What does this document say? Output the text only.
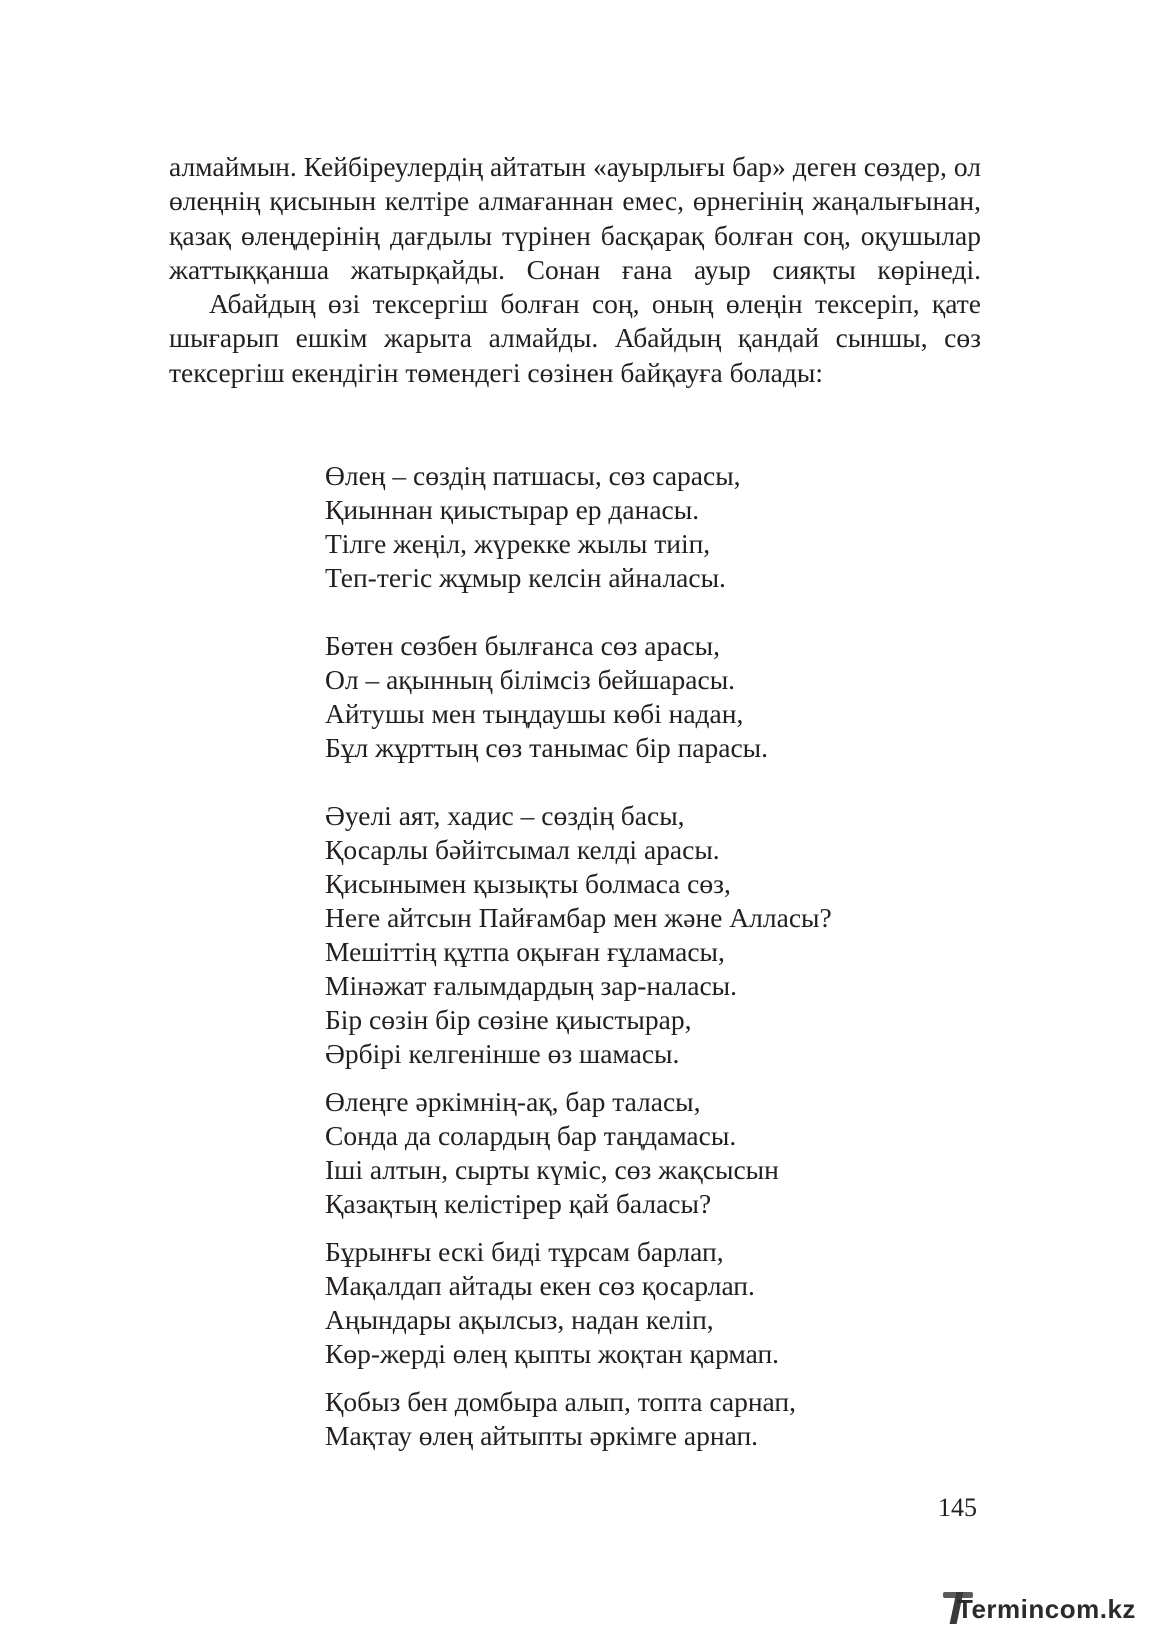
алмаймын. Кейбіреулердің айтатын «ауырлығы бар» деген сөздер, ол өлеңнің қисынын келтіре алмағаннан емес, өрнегінің жаңалығынан, қазақ өлеңдерінің дағдылы түрінен басқарақ болған соң, оқушылар жаттыққанша жатырқайды. Сонан ғана ауыр сияқты көрінеді.

Абайдың өзі тексергіш болған соң, оның өлеңін тексеріп, қате шығарып ешкім жарыта алмайды. Абайдың қандай сыншы, сөз тексергіш екендігін төмендегі сөзінен байқауға болады:

Өлең – сөздің патшасы, сөз сарасы,
Қиыннан қиыстырар ер данасы.
Тілге жеңіл, жүрекке жылы тиіп,
Теп-тегіс жұмыр келсін айналасы.
Бөтен сөзбен былғанса сөз арасы,
Ол – ақынның білімсіз бейшарасы.
Айтушы мен тыңдаушы көбі надан,
Бұл жұрттың сөз танымас бір парасы.
Әуелі аят, хадис – сөздің басы,
Қосарлы бәйітсымал келді арасы.
Қисынымен қызықты болмаса сөз,
Неге айтсын Пайғамбар мен және Алласы?
Мешіттің құтпа оқыған ғұламасы,
Мінәжат ғалымдардың зар-наласы.
Бір сөзін бір сөзіне қиыстырар,
Әрбірі келгенінше өз шамасы.
Өлеңге әркімнің-ақ, бар таласы,
Сонда да солардың бар таңдамасы.
Іші алтын, сырты күміс, сөз жақсысын
Қазақтың келістірер қай баласы?
Бұрынғы ескі биді тұрсам барлап,
Мақалдап айтады екен сөз қосарлап.
Аңындары ақылсыз, надан келіп,
Көр-жерді өлең қыпты жоқтан қармап.
Қобыз бен домбыра алып, топта сарнап,
Мақтау өлең айтыпты әркімге арнап.
145
Termincom.kz
